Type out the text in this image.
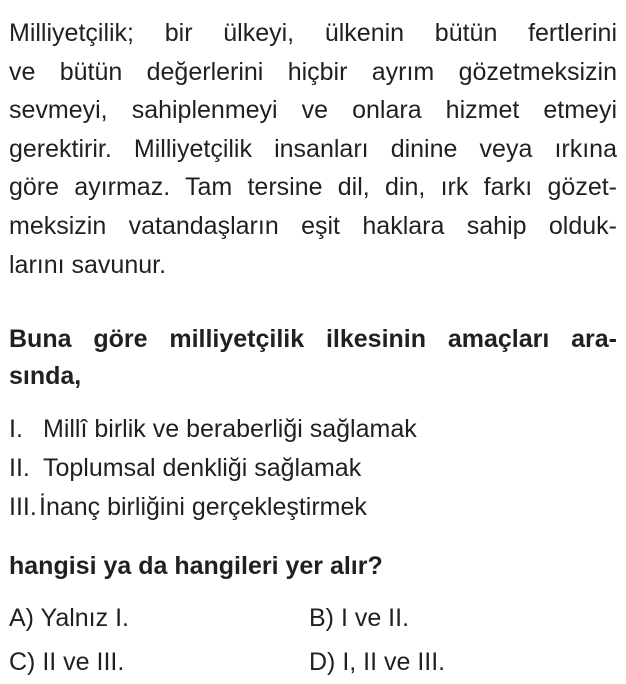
Milliyetçilik; bir ülkeyi, ülkenin bütün fertlerini
ve bütün değerlerini hiçbir ayrım gözetmeksizin
sevmeyi, sahiplenmeyi ve onlara hizmet etmeyi
gerektirir. Milliyetçilik insanları dinine veya ırkına
göre ayırmaz. Tam tersine dil, din, ırk farkı gözet-
meksizin vatandaşların eşit haklara sahip olduk-
larını savunur.
Buna göre milliyetçilik ilkesinin amaçları ara-
sında,
I. Millî birlik ve beraberliği sağlamak
II. Toplumsal denkliği sağlamak
III. İnanç birliğini gerçekleştirmek
hangisi ya da hangileri yer alır?
A) Yalnız I.	B) I ve II.
C) II ve III.	D) I, II ve III.
